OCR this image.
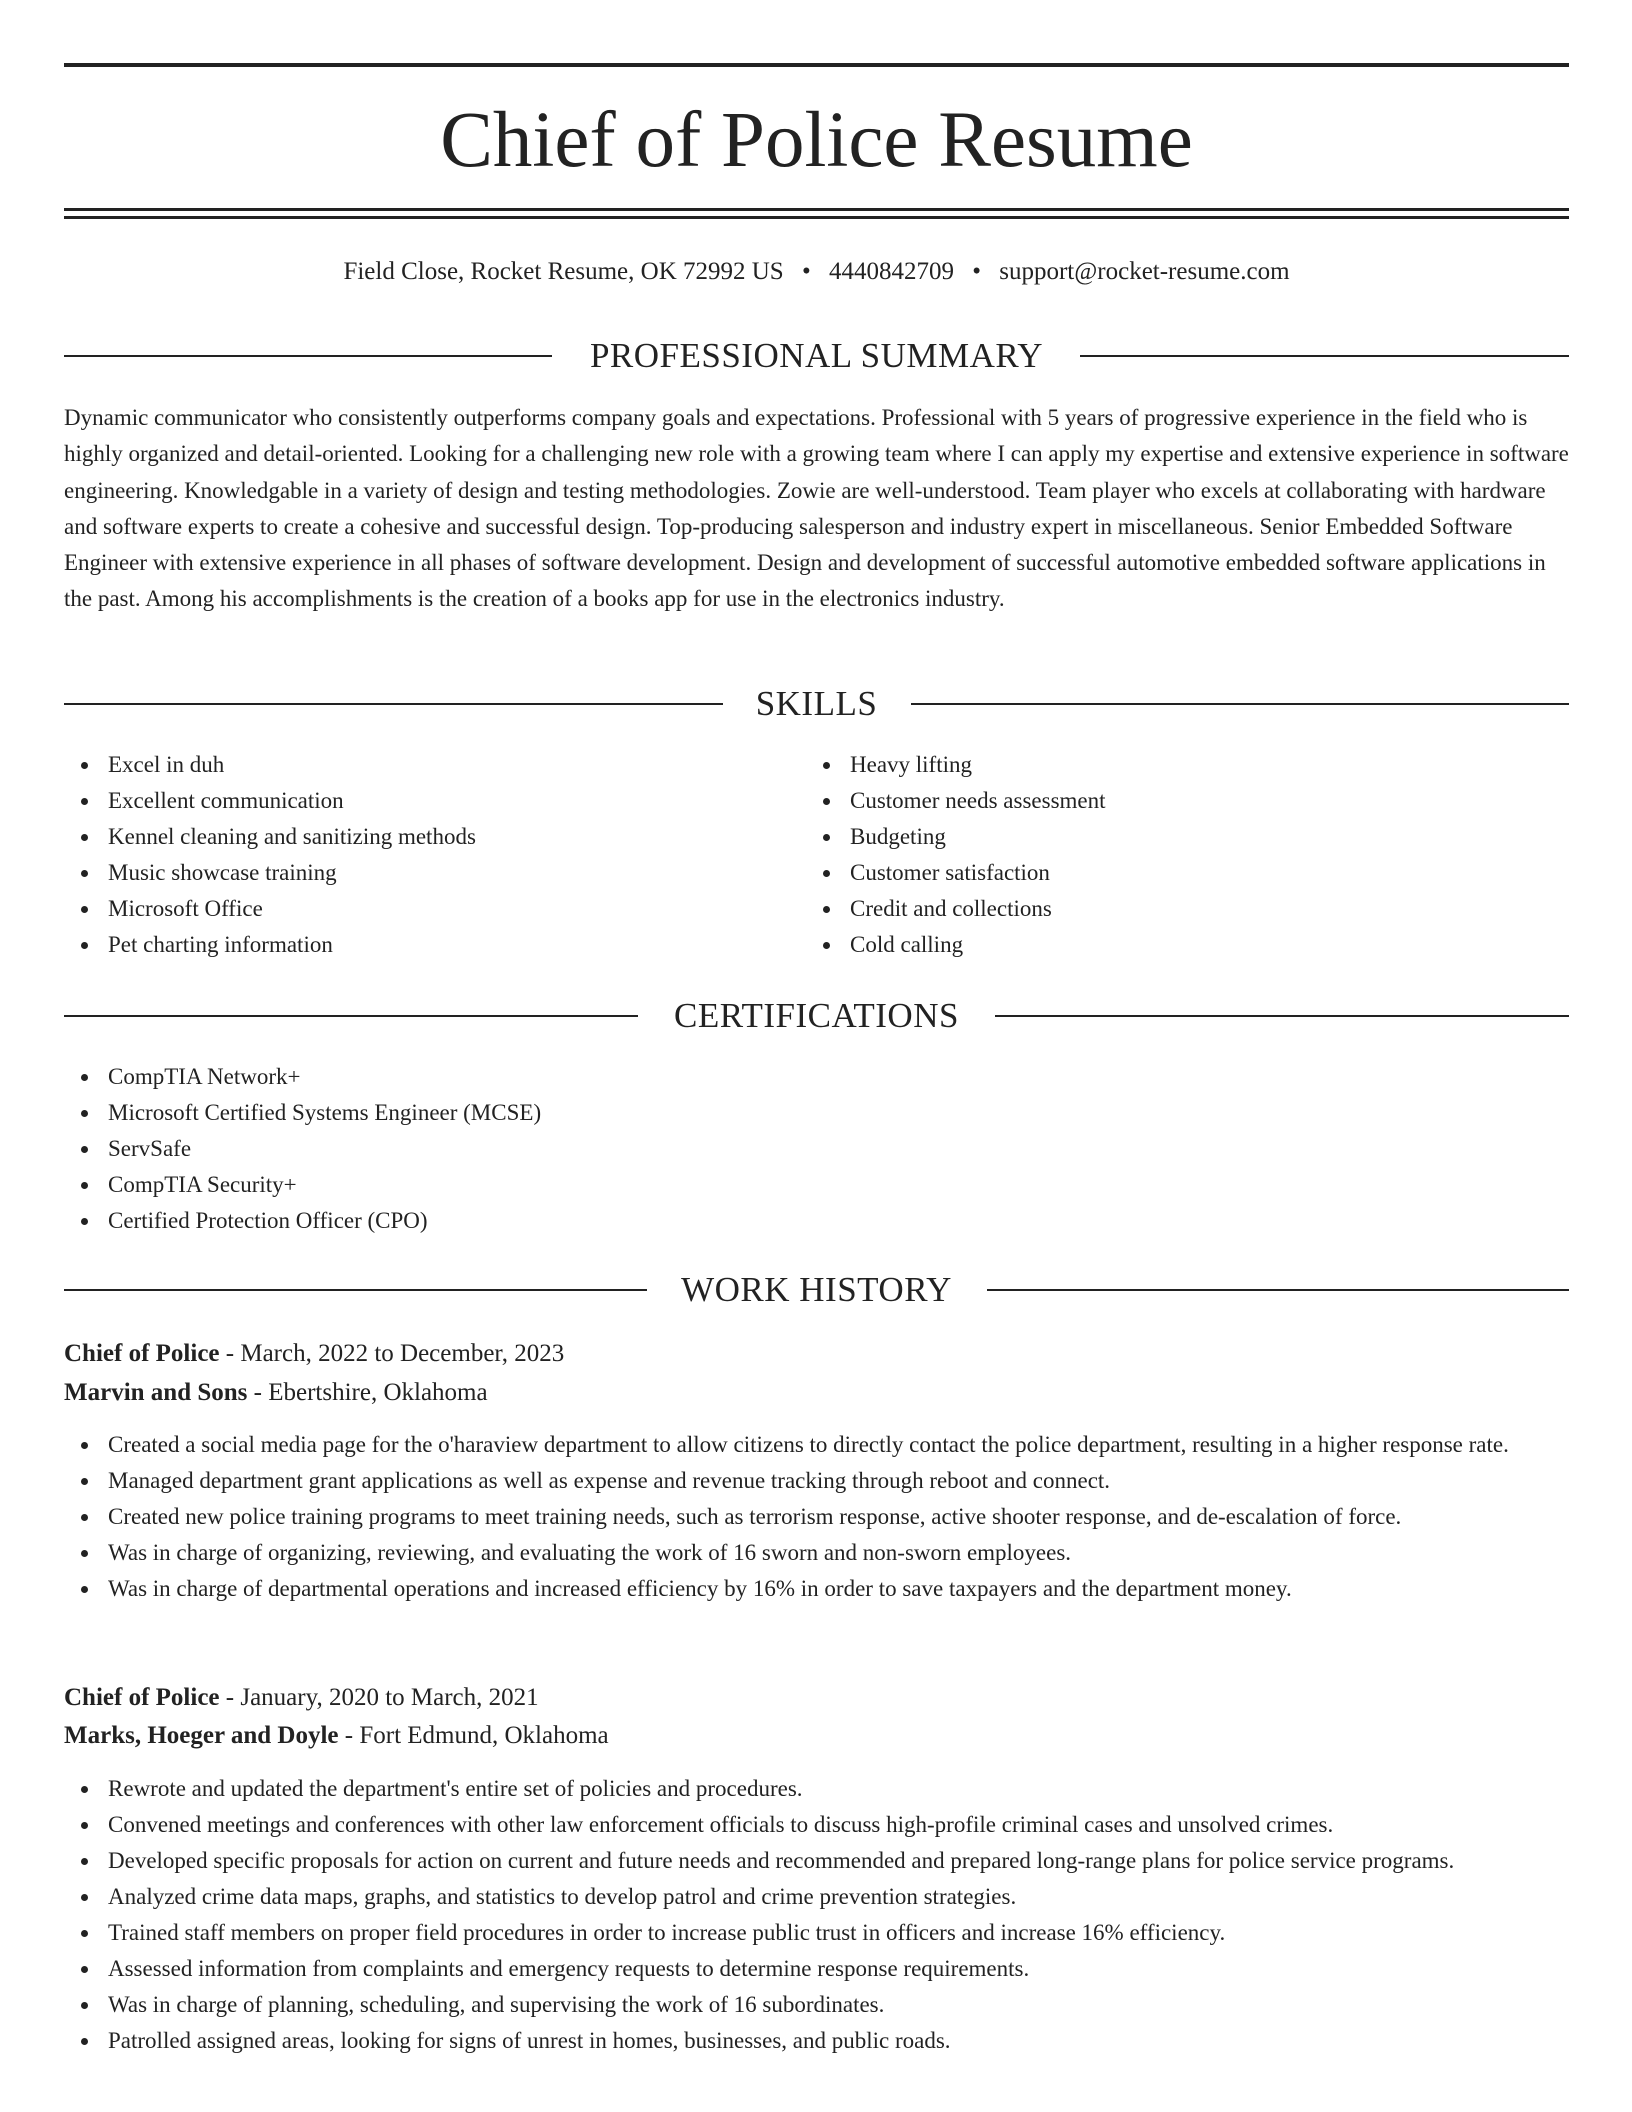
Chief of Police Resume
Field Close, Rocket Resume, OK 72992 US • 4440842709 • support@rocket-resume.com
PROFESSIONAL SUMMARY

Dynamic communicator who consistently outperforms company goals and expectations. Professional with 5 years of progressive experience in the field who is highly organized and detail-oriented. Looking for a challenging new role with a growing team where I can apply my expertise and extensive experience in software engineering. Knowledgable in a variety of design and testing methodologies. Zowie are well-understood. Team player who excels at collaborating with hardware and software experts to create a cohesive and successful design. Top-producing salesperson and industry expert in miscellaneous. Senior Embedded Software Engineer with extensive experience in all phases of software development. Design and development of successful automotive embedded software applications in the past. Among his accomplishments is the creation of a books app for use in the electronics industry.

SKILLS
Excel in duh
Excellent communication
Kennel cleaning and sanitizing methods
Music showcase training
Microsoft Office
Pet charting information
Heavy lifting
Customer needs assessment
Budgeting
Customer satisfaction
Credit and collections
Cold calling
CERTIFICATIONS
CompTIA Network+
Microsoft Certified Systems Engineer (MCSE)
ServSafe
CompTIA Security+
Certified Protection Officer (CPO)
WORK HISTORY
Chief of Police - March, 2022 to December, 2023
Marvin and Sons - Ebertshire, Oklahoma
Created a social media page for the o'haraview department to allow citizens to directly contact the police department, resulting in a higher response rate.
Managed department grant applications as well as expense and revenue tracking through reboot and connect.
Created new police training programs to meet training needs, such as terrorism response, active shooter response, and de-escalation of force.
Was in charge of organizing, reviewing, and evaluating the work of 16 sworn and non-sworn employees.
Was in charge of departmental operations and increased efficiency by 16% in order to save taxpayers and the department money.
Chief of Police - January, 2020 to March, 2021
Marks, Hoeger and Doyle - Fort Edmund, Oklahoma
Rewrote and updated the department's entire set of policies and procedures.
Convened meetings and conferences with other law enforcement officials to discuss high-profile criminal cases and unsolved crimes.
Developed specific proposals for action on current and future needs and recommended and prepared long-range plans for police service programs.
Analyzed crime data maps, graphs, and statistics to develop patrol and crime prevention strategies.
Trained staff members on proper field procedures in order to increase public trust in officers and increase 16% efficiency.
Assessed information from complaints and emergency requests to determine response requirements.
Was in charge of planning, scheduling, and supervising the work of 16 subordinates.
Patrolled assigned areas, looking for signs of unrest in homes, businesses, and public roads.
